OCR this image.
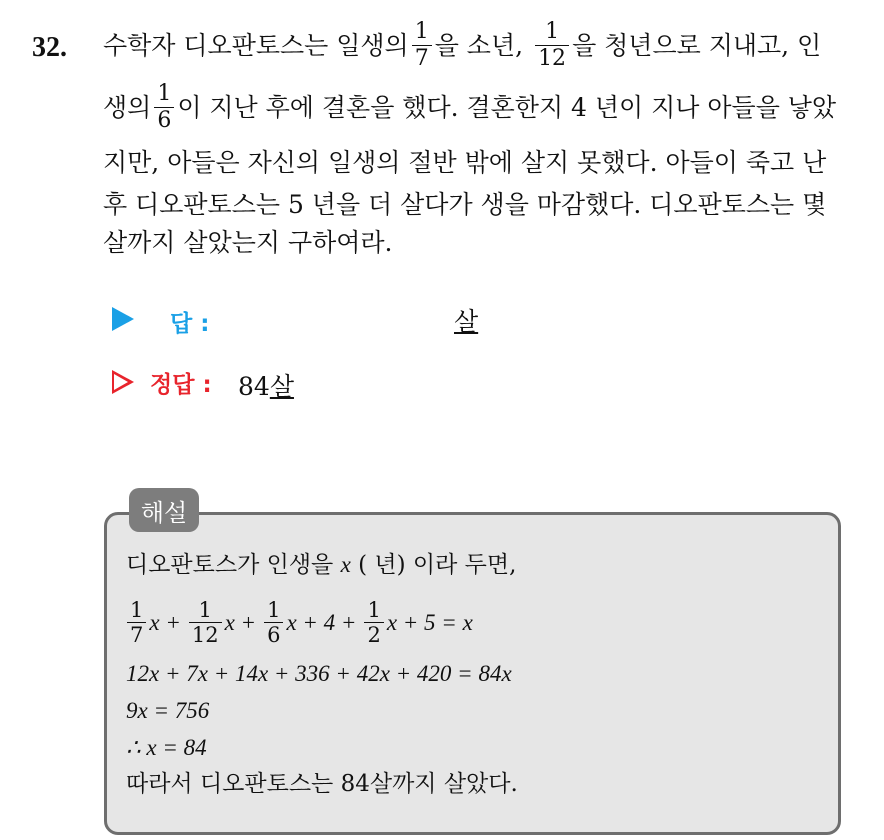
32. 수학자 디오판토스는 일생의 $\frac{1}{7}$ 을 소년, $\frac{1}{12}$ 을 청년으로 지내고, 인
생의 $\frac{1}{6}$ 이 지난 후에 결혼을 했다. 결혼한지 4 년이 지나 아들을 낳았
지만, 아들은 자신의 일생의 절반 밖에 살지 못했다. 아들이 죽고 난
후 디오판토스는 5 년을 더 살다가 생을 마감했다. 디오판토스는 몇
살까지 살았는지 구하여라.
답 :	살
정답 : 84살
해설
디오판토스가 인생을 x ( 년) 이라 두면,
$\frac{1}{7}$ $x + \frac{1}{12}$ $x + \frac{1}{6}$ $x + 4 + \frac{1}{2}$ x + 5 = x
12x + 7x + 14x + 336 + 42x + 420 = 84x
9x = 756
∴ x = 84
따라서 디오판토스는 84살까지 살았다.
